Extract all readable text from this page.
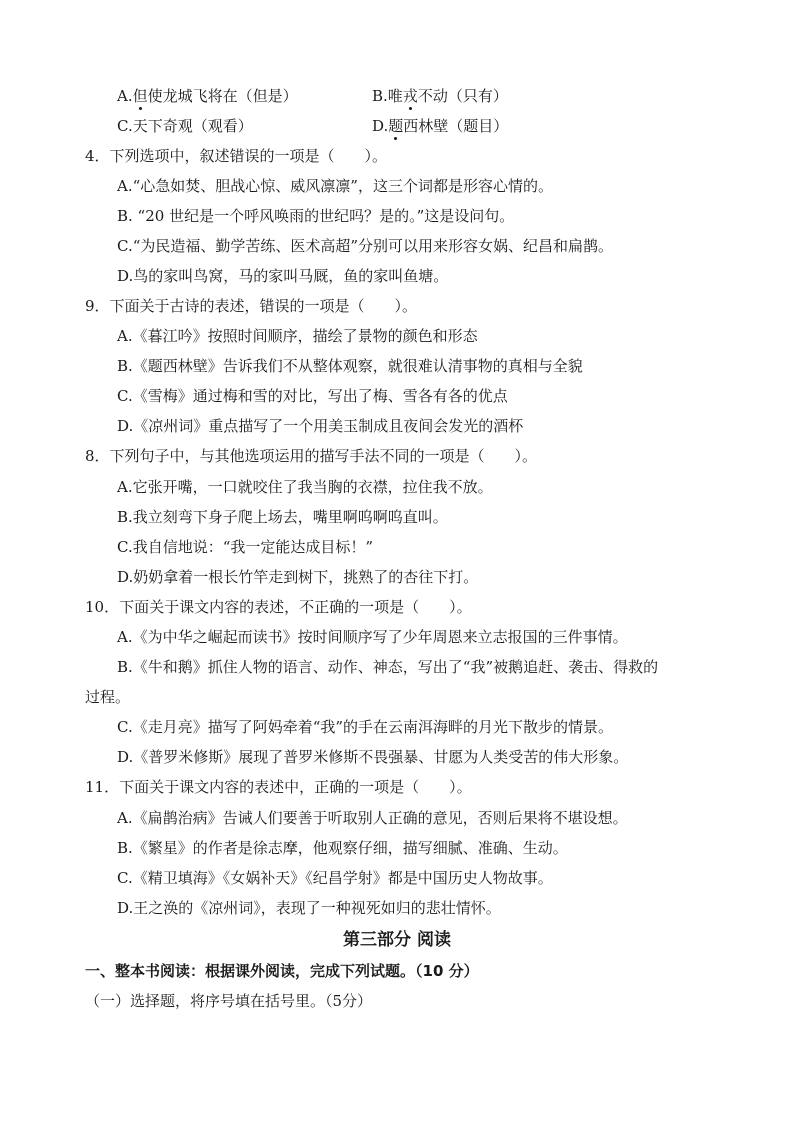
A.但使龙城飞将在（但是）	B.唯戎不动（只有）
C.天下奇观（观看）	D.题西林壁（题目）
4．下列选项中，叙述错误的一项是（　　）。
A.“心急如焚、胆战心惊、威风凛凛”，这三个词都是形容心情的。
B. “20 世纪是一个呼风唤雨的世纪吗？是的。”这是设问句。
C.“为民造福、勤学苦练、医术高超”分别可以用来形容女娲、纪昌和扁鹊。
D.鸟的家叫鸟窝，马的家叫马厩，鱼的家叫鱼塘。
9．下面关于古诗的表述，错误的一项是（　　）。
A.《暮江吟》按照时间顺序，描绘了景物的颜色和形态
B.《题西林壁》告诉我们不从整体观察，就很难认清事物的真相与全貌
C.《雪梅》通过梅和雪的对比，写出了梅、雪各有各的优点
D.《凉州词》重点描写了一个用美玉制成且夜间会发光的酒杯
8．下列句子中，与其他选项运用的描写手法不同的一项是（　　）。
A.它张开嘴，一口就咬住了我当胸的衣襟，拉住我不放。
B.我立刻弯下身子爬上场去，嘴里啊呜啊呜直叫。
C.我自信地说：“我一定能达成目标！”
D.奶奶拿着一根长竹竿走到树下，挑熟了的杏往下打。
10．下面关于课文内容的表述，不正确的一项是（　　）。
A.《为中华之崛起而读书》按时间顺序写了少年周恩来立志报国的三件事情。
B.《牛和鹅》抓住人物的语言、动作、神态，写出了“我”被鹅追赶、袭击、得救的
过程。
C.《走月亮》描写了阿妈牵着“我”的手在云南洱海畔的月光下散步的情景。
D.《普罗米修斯》展现了普罗米修斯不畏强暴、甘愿为人类受苦的伟大形象。
11．下面关于课文内容的表述中，正确的一项是（　　）。
A.《扁鹊治病》告诫人们要善于听取别人正确的意见，否则后果将不堪设想。
B.《繁星》的作者是徐志摩，他观察仔细，描写细腻、准确、生动。
C.《精卫填海》《女娲补天》《纪昌学射》都是中国历史人物故事。
D.王之涣的《凉州词》，表现了一种视死如归的悲壮情怀。
第三部分 阅读
一、整本书阅读：根据课外阅读，完成下列试题。（10 分）
（一）选择题，将序号填在括号里。（5分）
